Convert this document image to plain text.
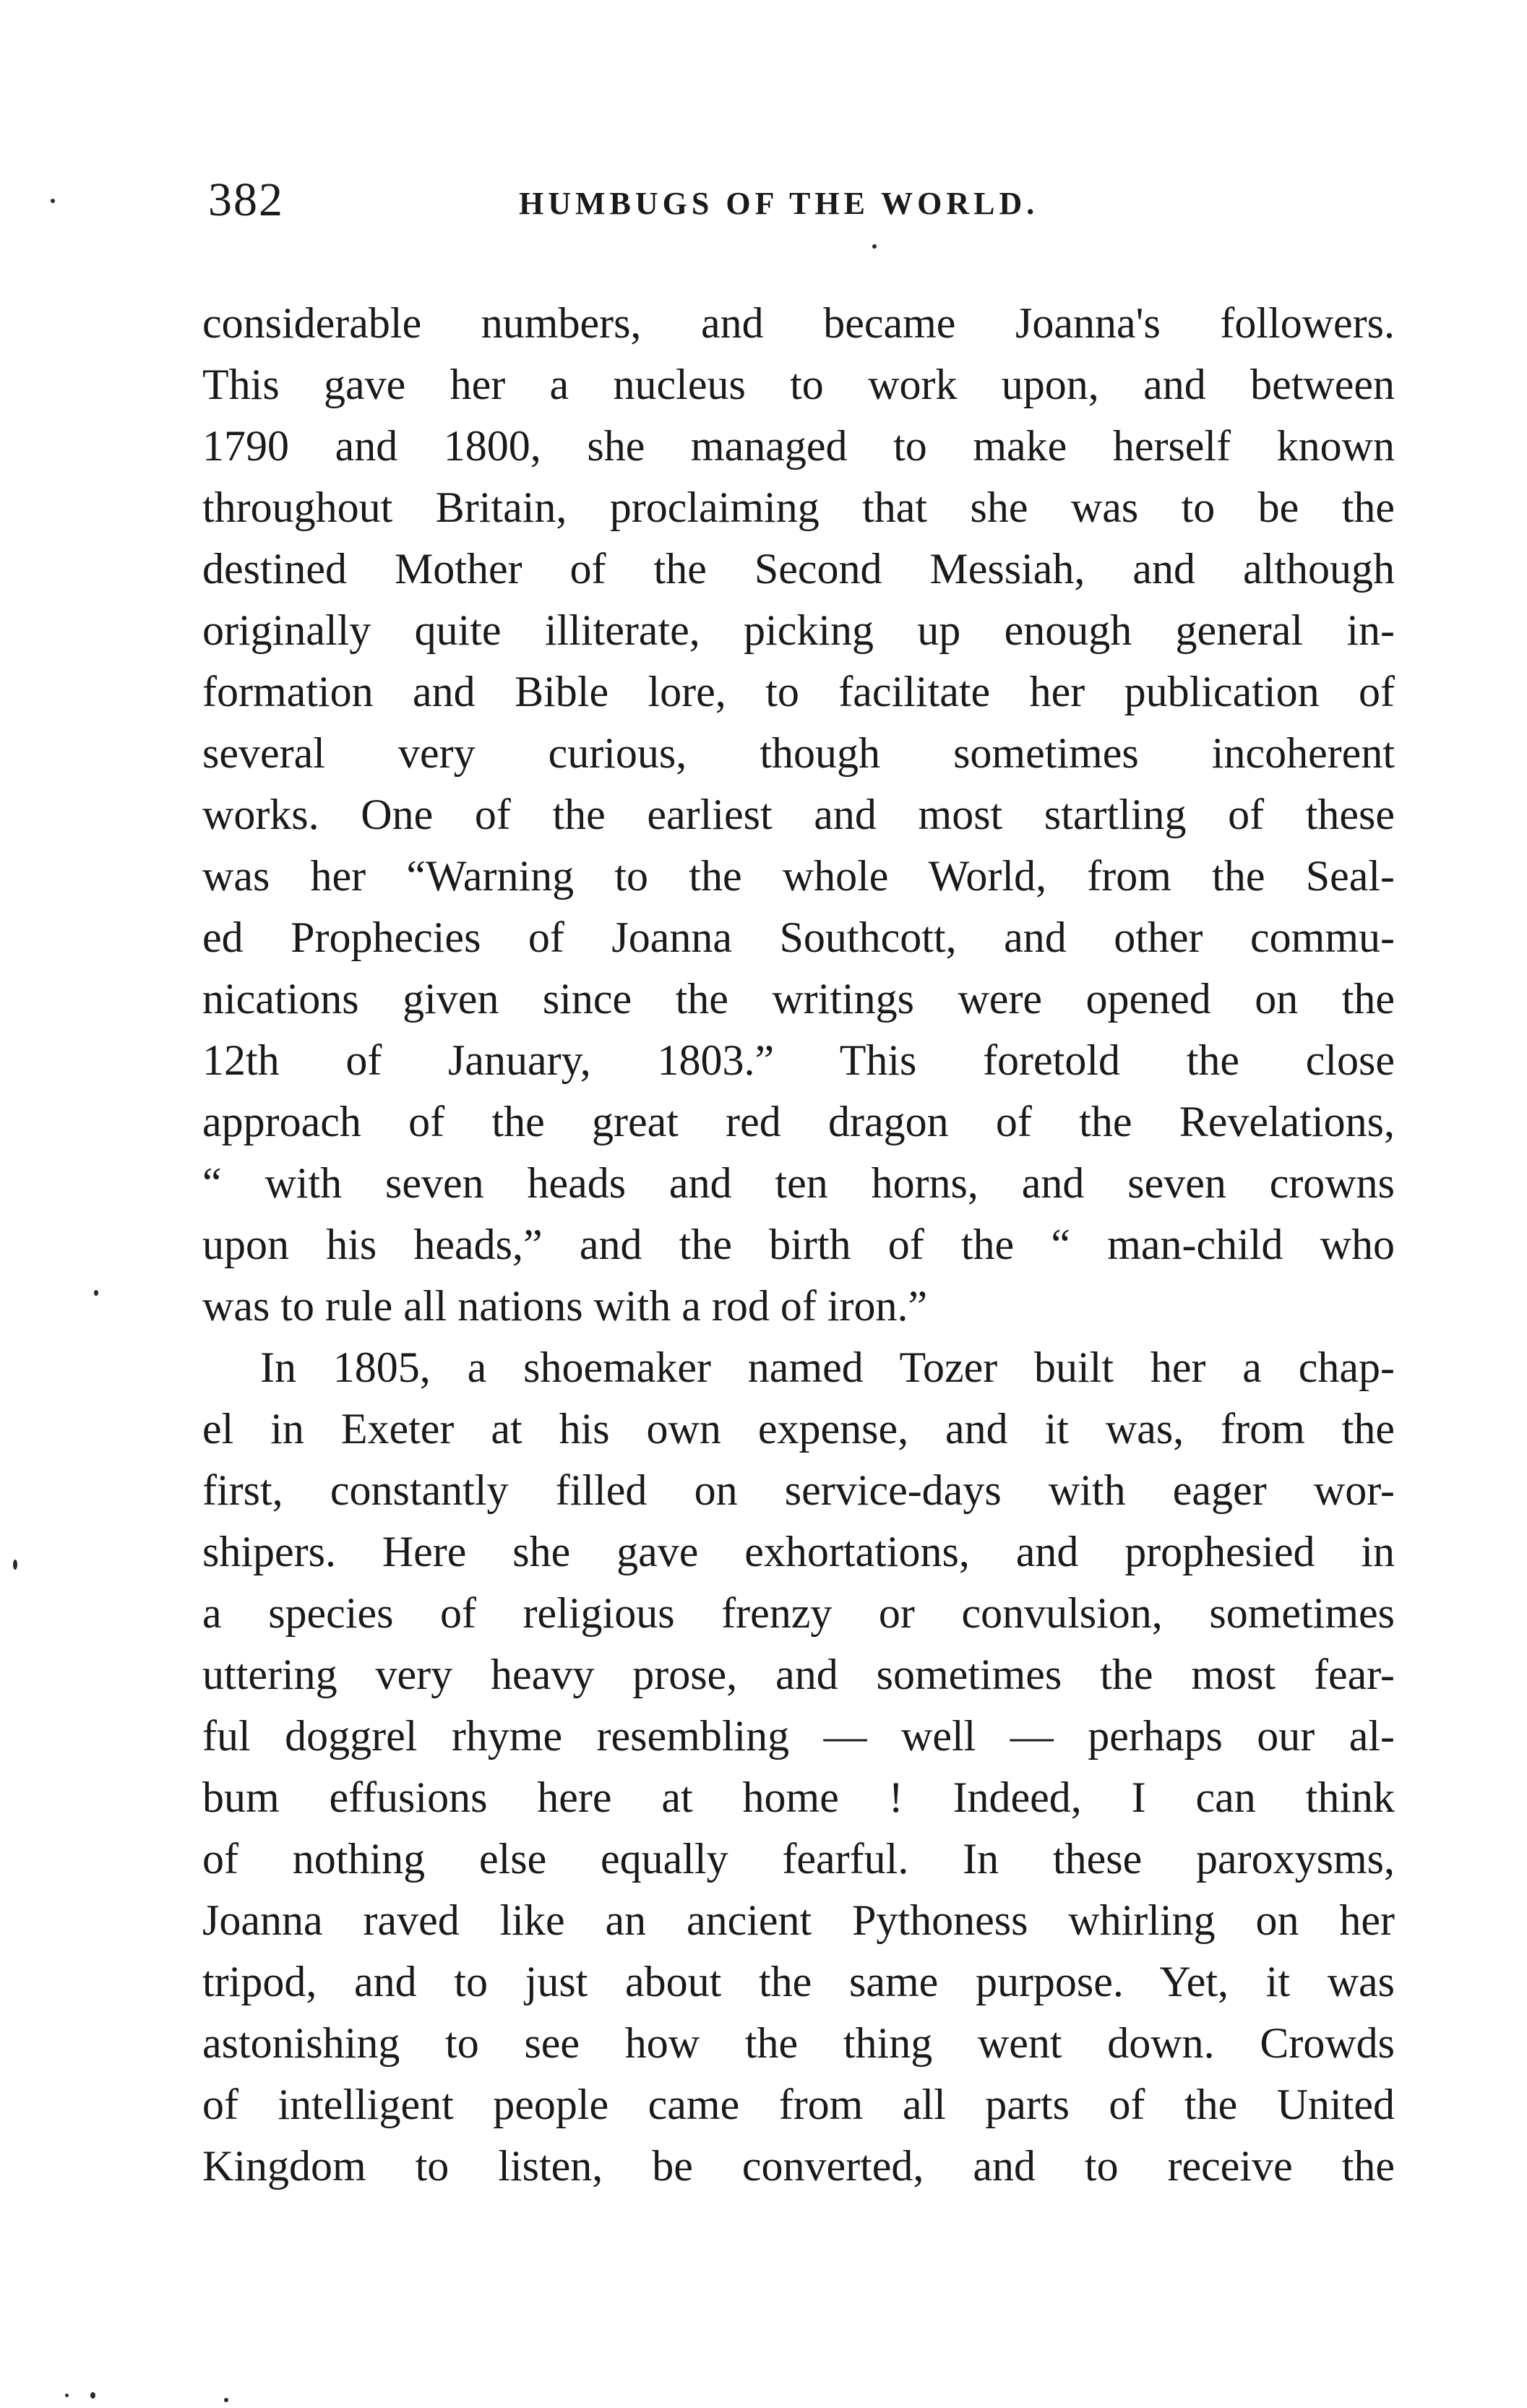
382	HUMBUGS OF THE WORLD.
considerable numbers, and became Joanna's followers.
This gave her a nucleus to work upon, and between
1790 and 1800, she managed to make herself known
throughout Britain, proclaiming that she was to be the
destined Mother of the Second Messiah, and although
originally quite illiterate, picking up enough general in-
formation and Bible lore, to facilitate her publication of
several very curious, though sometimes incoherent
works. One of the earliest and most startling of these
was her “Warning to the whole World, from the Seal-
ed Prophecies of Joanna Southcott, and other commu-
nications given since the writings were opened on the
12th of January, 1803.” This foretold the close
approach of the great red dragon of the Revelations,
“ with seven heads and ten horns, and seven crowns
upon his heads,” and the birth of the “ man-child who
was to rule all nations with a rod of iron.”
In 1805, a shoemaker named Tozer built her a chap-
el in Exeter at his own expense, and it was, from the
first, constantly filled on service-days with eager wor-
shipers. Here she gave exhortations, and prophesied in
a species of religious frenzy or convulsion, sometimes
uttering very heavy prose, and sometimes the most fear-
ful doggrel rhyme resembling — well — perhaps our al-
bum effusions here at home ! Indeed, I can think
of nothing else equally fearful. In these paroxysms,
Joanna raved like an ancient Pythoness whirling on her
tripod, and to just about the same purpose. Yet, it was
astonishing to see how the thing went down. Crowds
of intelligent people came from all parts of the United
Kingdom to listen, be converted, and to receive the
